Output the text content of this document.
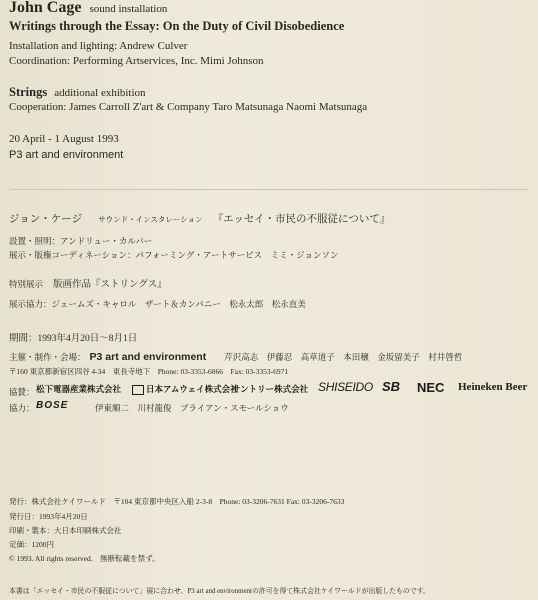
John Cage sound installation
Writings through the Essay: On the Duty of Civil Disobedience
Installation and lighting: Andrew Culver
Coordination: Performing Artservices, Inc. Mimi Johnson
Strings additional exhibition
Cooperation: James Carroll Z'art & Company Taro Matsunaga Naomi Matsunaga
20 April - 1 August 1993
P3 art and environment
ジョン・ケージ サウンド・インスタレーション 『エッセイ・市民の不服従について』
設置・照明：アンドリュー・カルバー
展示・版権コーディネーション：パフォーミング・アートサービス　ミミ・ジョンソン
特別展示 版画作品『ストリングス』
展示協力：ジェームズ・キャロル　ザート＆カンパニー　松永太郎　松永直美
期間：1993年4月20日〜8月1日
主催・制作・会場： P3 art and environment 芹沢高志　伊藤忍　高草道子　本田穣　金坂留美子　村井啓哲
〒160 東京都新宿区四谷 4-34　東長寺地下　Phone: 03-3353-6866　Fax: 03-3353-6971
協賛： 松下電器産業株式会社	日本アムウェイ株式会社
サントリー株式会社 SHISEIDO SB NEC Heineken Beer
協力： BOSE	伊東順二　川村龍俊　ブライアン・スモールショウ
発行：株式会社ケイワールド　〒104 東京都中央区入船 2-3-8　Phone: 03-3206-7631 Fax: 03-3206-7633
発行日：1993年4月20日
印刷・製本：大日本印刷株式会社
定価：1200円
© 1993. All rights reserved.　無断転載を禁ず。
本書は「エッセイ・市民の不服従について」展に合わせ、P3 art and environmentの許可を得て株式会社ケイワールドが出版したものです。
